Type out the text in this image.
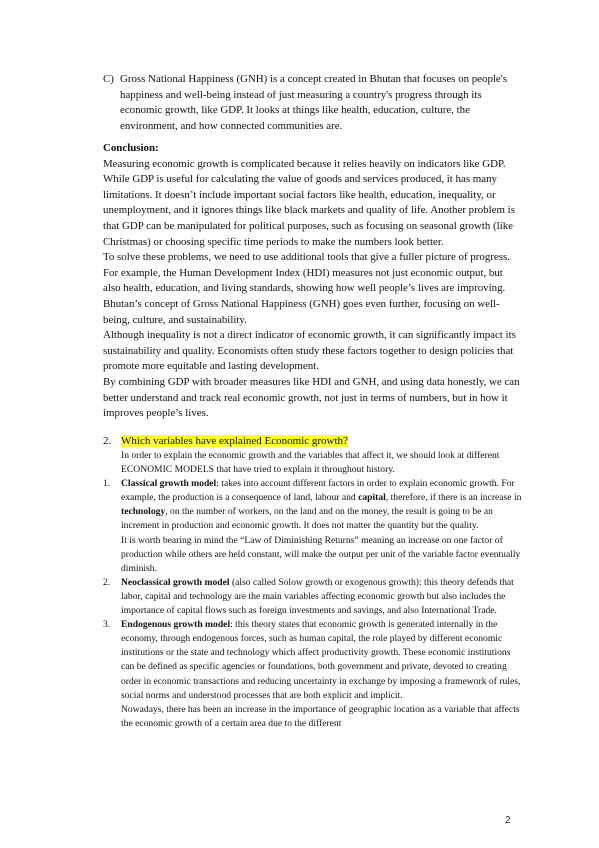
C) Gross National Happiness (GNH) is a concept created in Bhutan that focuses on people's happiness and well-being instead of just measuring a country's progress through its economic growth, like GDP. It looks at things like health, education, culture, the environment, and how connected communities are.

Conclusion:

Measuring economic growth is complicated because it relies heavily on indicators like GDP. While GDP is useful for calculating the value of goods and services produced, it has many limitations. It doesn’t include important social factors like health, education, inequality, or unemployment, and it ignores things like black markets and quality of life. Another problem is that GDP can be manipulated for political purposes, such as focusing on seasonal growth (like Christmas) or choosing specific time periods to make the numbers look better.

To solve these problems, we need to use additional tools that give a fuller picture of progress. For example, the Human Development Index (HDI) measures not just economic output, but also health, education, and living standards, showing how well people’s lives are improving. Bhutan’s concept of Gross National Happiness (GNH) goes even further, focusing on well-being, culture, and sustainability.

Although inequality is not a direct indicator of economic growth, it can significantly impact its sustainability and quality. Economists often study these factors together to design policies that promote more equitable and lasting development.

By combining GDP with broader measures like HDI and GNH, and using data honestly, we can better understand and track real economic growth, not just in terms of numbers, but in how it improves people’s lives.

2. Which variables have explained Economic growth?
In order to explain the economic growth and the variables that affect it, we should look at different ECONOMIC MODELS that have tried to explain it throughout history.
1. Classical growth model: takes into account different factors in order to explain economic growth. For example, the production is a consequence of land, labour and capital, therefore, if there is an increase in technology, on the number of workers, on the land and on the money, the result is going to be an increment in production and economic growth. It does not matter the quantity but the quality.

It is worth bearing in mind the “Law of Diminishing Returns” meaning an increase on one factor of production while others are held constant, will make the output per unit of the variable factor eventually diminish.

2. Neoclassical growth model (also called Solow growth or exogenous growth): this theory defends that labor, capital and technology are the main variables affecting economic growth but also includes the importance of capital flows such as foreign investments and savings, and also International Trade.

3. Endogenous growth model: this theory states that economic growth is generated internally in the economy, through endogenous forces, such as human capital, the role played by different economic institutions or the state and technology which affect productivity growth. These economic institutions can be defined as specific agencies or foundations, both government and private, devoted to creating order in economic transactions and reducing uncertainty in exchange by imposing a framework of rules, social norms and understood processes that are both explicit and implicit.

Nowadays, there has been an increase in the importance of geographic location as a variable that affects the economic growth of a certain area due to the different

2
